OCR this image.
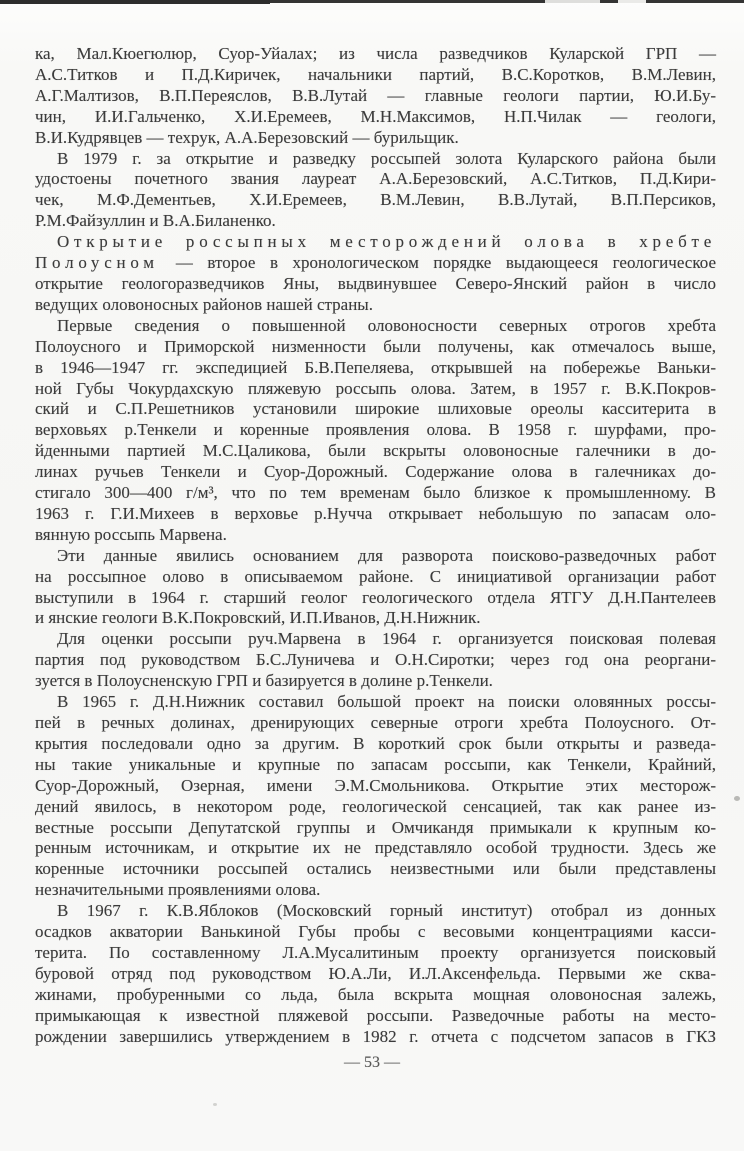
ка, Мал.Кюегюлюр, Суор-Уйалах; из числа разведчиков Куларской ГРП —
А.С.Титков и П.Д.Киричек, начальники партий, В.С.Коротков, В.М.Левин,
А.Г.Малтизов, В.П.Переяслов, В.В.Лутай — главные геологи партии, Ю.И.Бу-
чин, И.И.Гальченко, Х.И.Еремеев, М.Н.Максимов, Н.П.Чилак — геологи,
В.И.Кудрявцев — техрук, А.А.Березовский — бурильщик.
В 1979 г. за открытие и разведку россыпей золота Куларского района были
удостоены почетного звания лауреат А.А.Березовский, А.С.Титков, П.Д.Кири-
чек, М.Ф.Дементьев, Х.И.Еремеев, В.М.Левин, В.В.Лутай, В.П.Персиков,
Р.М.Файзуллин и В.А.Биланенко.
Открытие россыпных месторождений олова в хребте
Полоусном — второе в хронологическом порядке выдающееся геологическое
открытие геологоразведчиков Яны, выдвинувшее Северо-Янский район в число
ведущих оловоносных районов нашей страны.
Первые сведения о повышенной оловоносности северных отрогов хребта
Полоусного и Приморской низменности были получены, как отмечалось выше,
в 1946—1947 гг. экспедицией Б.В.Пепеляева, открывшей на побережье Ваньки-
ной Губы Чокурдахскую пляжевую россыпь олова. Затем, в 1957 г. В.К.Покров-
ский и С.П.Решетников установили широкие шлиховые ореолы касситерита в
верховьях р.Тенкели и коренные проявления олова. В 1958 г. шурфами, про-
йденными партией М.С.Цаликова, были вскрыты оловоносные галечники в до-
линах ручьев Тенкели и Суор-Дорожный. Содержание олова в галечниках до-
стигало 300—400 г/м³, что по тем временам было близкое к промышленному. В
1963 г. Г.И.Михеев в верховье р.Нучча открывает небольшую по запасам оло-
вянную россыпь Марвена.
Эти данные явились основанием для разворота поисково-разведочных работ
на россыпное олово в описываемом районе. С инициативой организации работ
выступили в 1964 г. старший геолог геологического отдела ЯТГУ Д.Н.Пантелеев
и янские геологи В.К.Покровский, И.П.Иванов, Д.Н.Нижник.
Для оценки россыпи руч.Марвена в 1964 г. организуется поисковая полевая
партия под руководством Б.С.Луничева и О.Н.Сиротки; через год она реоргани-
зуется в Полоусненскую ГРП и базируется в долине р.Тенкели.
В 1965 г. Д.Н.Нижник составил большой проект на поиски оловянных россы-
пей в речных долинах, дренирующих северные отроги хребта Полоусного. От-
крытия последовали одно за другим. В короткий срок были открыты и разведа-
ны такие уникальные и крупные по запасам россыпи, как Тенкели, Крайний,
Суор-Дорожный, Озерная, имени Э.М.Смольникова. Открытие этих месторож-
дений явилось, в некотором роде, геологической сенсацией, так как ранее из-
вестные россыпи Депутатской группы и Омчикандя примыкали к крупным ко-
ренным источникам, и открытие их не представляло особой трудности. Здесь же
коренные источники россыпей остались неизвестными или были представлены
незначительными проявлениями олова.
В 1967 г. К.В.Яблоков (Московский горный институт) отобрал из донных
осадков акватории Ванькиной Губы пробы с весовыми концентрациями касси-
терита. По составленному Л.А.Мусалитиным проекту организуется поисковый
буровой отряд под руководством Ю.А.Ли, И.Л.Аксенфельда. Первыми же сква-
жинами, пробуренными со льда, была вскрыта мощная оловоносная залежь,
примыкающая к известной пляжевой россыпи. Разведочные работы на место-
рождении завершились утверждением в 1982 г. отчета с подсчетом запасов в ГКЗ
— 53 —
